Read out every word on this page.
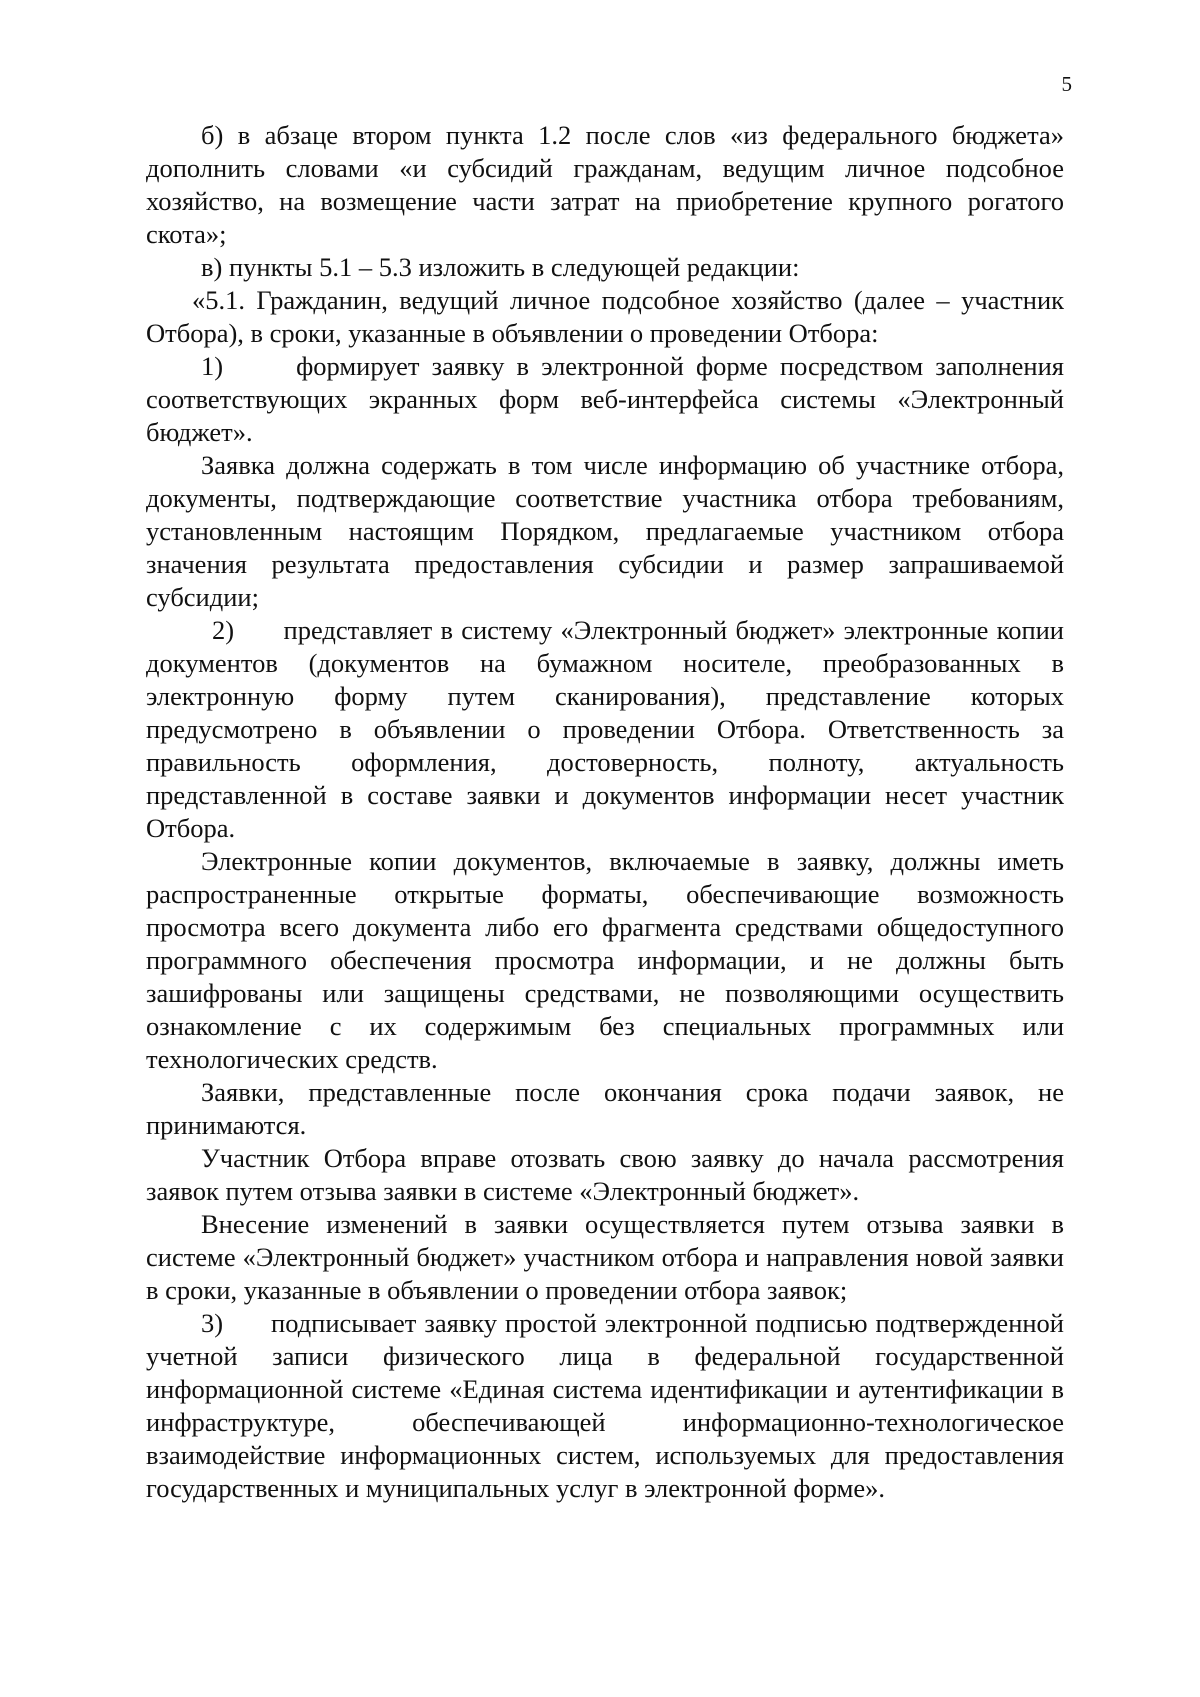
5

б) в абзаце втором пункта 1.2 после слов «из федерального бюджета» дополнить словами «и субсидий гражданам, ведущим личное подсобное хозяйство, на возмещение части затрат на приобретение крупного рогатого скота»;

в) пункты 5.1 – 5.3 изложить в следующей редакции:

«5.1. Гражданин, ведущий личное подсобное хозяйство (далее – участник Отбора), в сроки, указанные в объявлении о проведении Отбора:

1)      формирует заявку в электронной форме посредством заполнения соответствующих экранных форм веб-интерфейса системы «Электронный бюджет».

Заявка должна содержать в том числе информацию об участнике отбора, документы, подтверждающие соответствие участника отбора требованиям, установленным настоящим Порядком, предлагаемые участником отбора значения результата предоставления субсидии и размер запрашиваемой субсидии;

2)      представляет в систему «Электронный бюджет» электронные копии документов (документов на бумажном носителе, преобразованных в электронную форму путем сканирования), представление которых предусмотрено в объявлении о проведении Отбора. Ответственность за правильность оформления, достоверность, полноту, актуальность представленной в составе заявки и документов информации несет участник Отбора.

Электронные копии документов, включаемые в заявку, должны иметь распространенные открытые форматы, обеспечивающие возможность просмотра всего документа либо его фрагмента средствами общедоступного программного обеспечения просмотра информации, и не должны быть зашифрованы или защищены средствами, не позволяющими осуществить ознакомление с их содержимым без специальных программных или технологических средств.

Заявки, представленные после окончания срока подачи заявок, не принимаются.

Участник Отбора вправе отозвать свою заявку до начала рассмотрения заявок путем отзыва заявки в системе «Электронный бюджет».

Внесение изменений в заявки осуществляется путем отзыва заявки в системе «Электронный бюджет» участником отбора и направления новой заявки в сроки, указанные в объявлении о проведении отбора заявок;

3)      подписывает заявку простой электронной подписью подтвержденной учетной записи физического лица в федеральной государственной информационной системе «Единая система идентификации и аутентификации в инфраструктуре, обеспечивающей информационно-технологическое взаимодействие информационных систем, используемых для предоставления государственных и муниципальных услуг в электронной форме».
